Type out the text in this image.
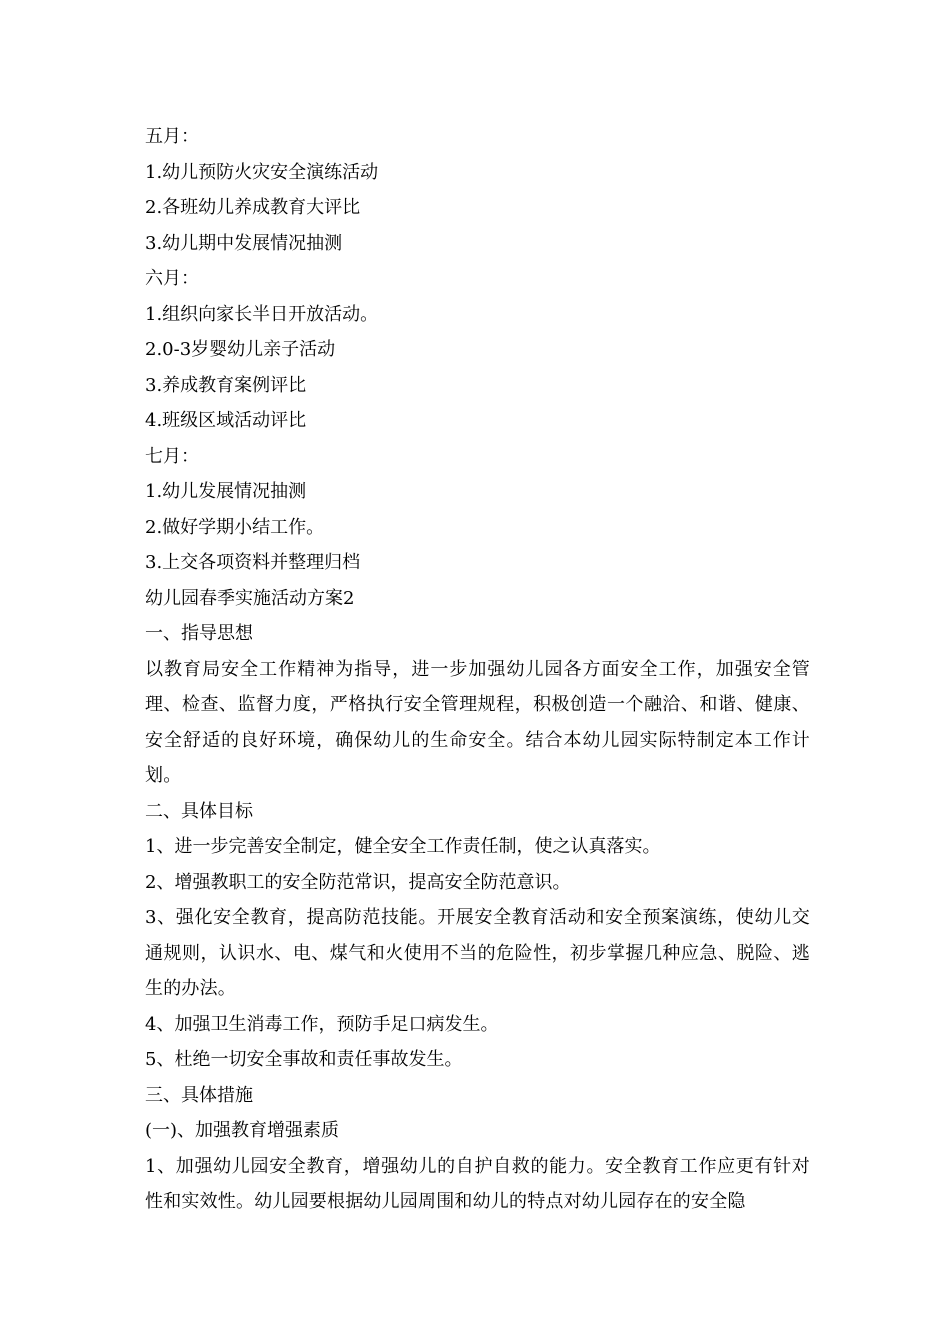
五月：

1.幼儿预防火灾安全演练活动

2.各班幼儿养成教育大评比

3.幼儿期中发展情况抽测

六月：

1.组织向家长半日开放活动。

2.0-3岁婴幼儿亲子活动

3.养成教育案例评比

4.班级区域活动评比

七月：

1.幼儿发展情况抽测

2.做好学期小结工作。

3.上交各项资料并整理归档

幼儿园春季实施活动方案2

一、指导思想

以教育局安全工作精神为指导，进一步加强幼儿园各方面安全工作，加强安全管理、检查、监督力度，严格执行安全管理规程，积极创造一个融洽、和谐、健康、安全舒适的良好环境，确保幼儿的生命安全。结合本幼儿园实际特制定本工作计划。

二、具体目标

1、进一步完善安全制定，健全安全工作责任制，使之认真落实。

2、增强教职工的安全防范常识，提高安全防范意识。

3、强化安全教育，提高防范技能。开展安全教育活动和安全预案演练，使幼儿交通规则，认识水、电、煤气和火使用不当的危险性，初步掌握几种应急、脱险、逃生的办法。

4、加强卫生消毒工作，预防手足口病发生。

5、杜绝一切安全事故和责任事故发生。

三、具体措施

(一)、加强教育增强素质

1、加强幼儿园安全教育，增强幼儿的自护自救的能力。安全教育工作应更有针对性和实效性。幼儿园要根据幼儿园周围和幼儿的特点对幼儿园存在的安全隐
